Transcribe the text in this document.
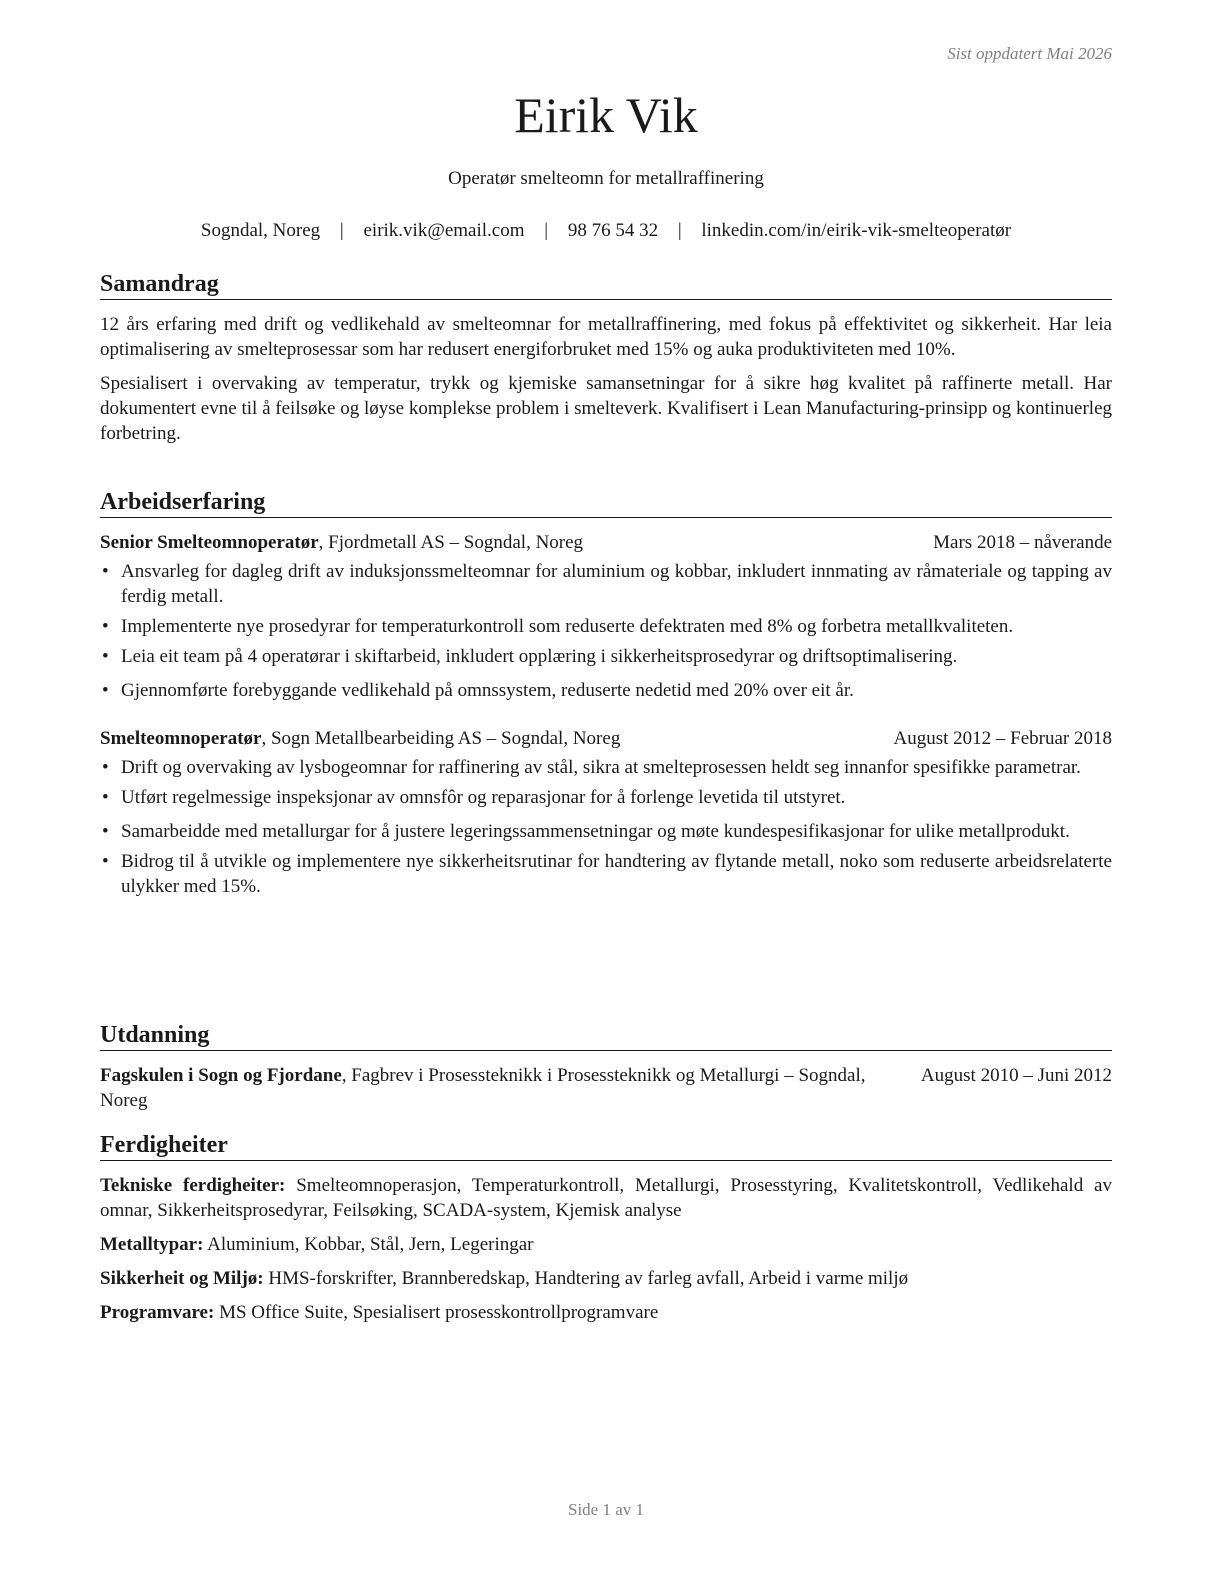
Sist oppdatert Mai 2026
Eirik Vik
Operatør smelteomn for metallraffinering
Sogndal, Noreg | eirik.vik@email.com | 98 76 54 32 | linkedin.com/in/eirik-vik-smelteoperatør
Samandrag

12 års erfaring med drift og vedlikehald av smelteomnar for metallraffinering, med fokus på effektivitet og sikkerheit. Har leia optimalisering av smelteprosessar som har redusert energiforbruket med 15% og auka produktiviteten med 10%.

Spesialisert i overvaking av temperatur, trykk og kjemiske samansetningar for å sikre høg kvalitet på raffinerte metall. Har dokumentert evne til å feilsøke og løyse komplekse problem i smelteverk. Kvalifisert i Lean Manufacturing-prinsipp og kontinuerleg forbetring.

Arbeidserfaring
Senior Smelteomnoperatør, Fjordmetall AS – Sogndal, Noreg	Mars 2018 – nåverande
• Ansvarleg for dagleg drift av induksjonssmelteomnar for aluminium og kobbar, inkludert innmating av råmateriale og tapping av ferdig metall.
• Implementerte nye prosedyrar for temperaturkontroll som reduserte defektraten med 8% og forbetra metallkvaliteten.
• Leia eit team på 4 operatørar i skiftarbeid, inkludert opplæring i sikkerheitsprosedyrar og driftsoptimalisering.
• Gjennomførte forebyggande vedlikehald på omnssystem, reduserte nedetid med 20% over eit år.
Smelteomnoperatør, Sogn Metallbearbeiding AS – Sogndal, Noreg	August 2012 – Februar 2018
• Drift og overvaking av lysbogeomnar for raffinering av stål, sikra at smelteprosessen heldt seg innanfor spesifikke parametrar.
• Utført regelmessige inspeksjonar av omnsfôr og reparasjonar for å forlenge levetida til utstyret.
• Samarbeidde med metallurgar for å justere legeringssammensetningar og møte kundespesifikasjonar for ulike metallprodukt.
• Bidrog til å utvikle og implementere nye sikkerheitsrutinar for handtering av flytande metall, noko som reduserte arbeidsrelaterte ulykker med 15%.
Utdanning
Fagskulen i Sogn og Fjordane, Fagbrev i Prosessteknikk i Prosessteknikk og Metallurgi – Sogndal, Noreg
August 2010 – Juni 2012
Ferdigheiter
Tekniske ferdigheiter: Smelteomnoperasjon, Temperaturkontroll, Metallurgi, Prosesstyring, Kvalitetskontroll, Vedlikehald av omnar, Sikkerheitsprosedyrar, Feilsøking, SCADA-system, Kjemisk analyse
Metalltypar: Aluminium, Kobbar, Stål, Jern, Legeringar
Sikkerheit og Miljø: HMS-forskrifter, Brannberedskap, Handtering av farleg avfall, Arbeid i varme miljø
Programvare: MS Office Suite, Spesialisert prosesskontrollprogramvare
Side 1 av 1
